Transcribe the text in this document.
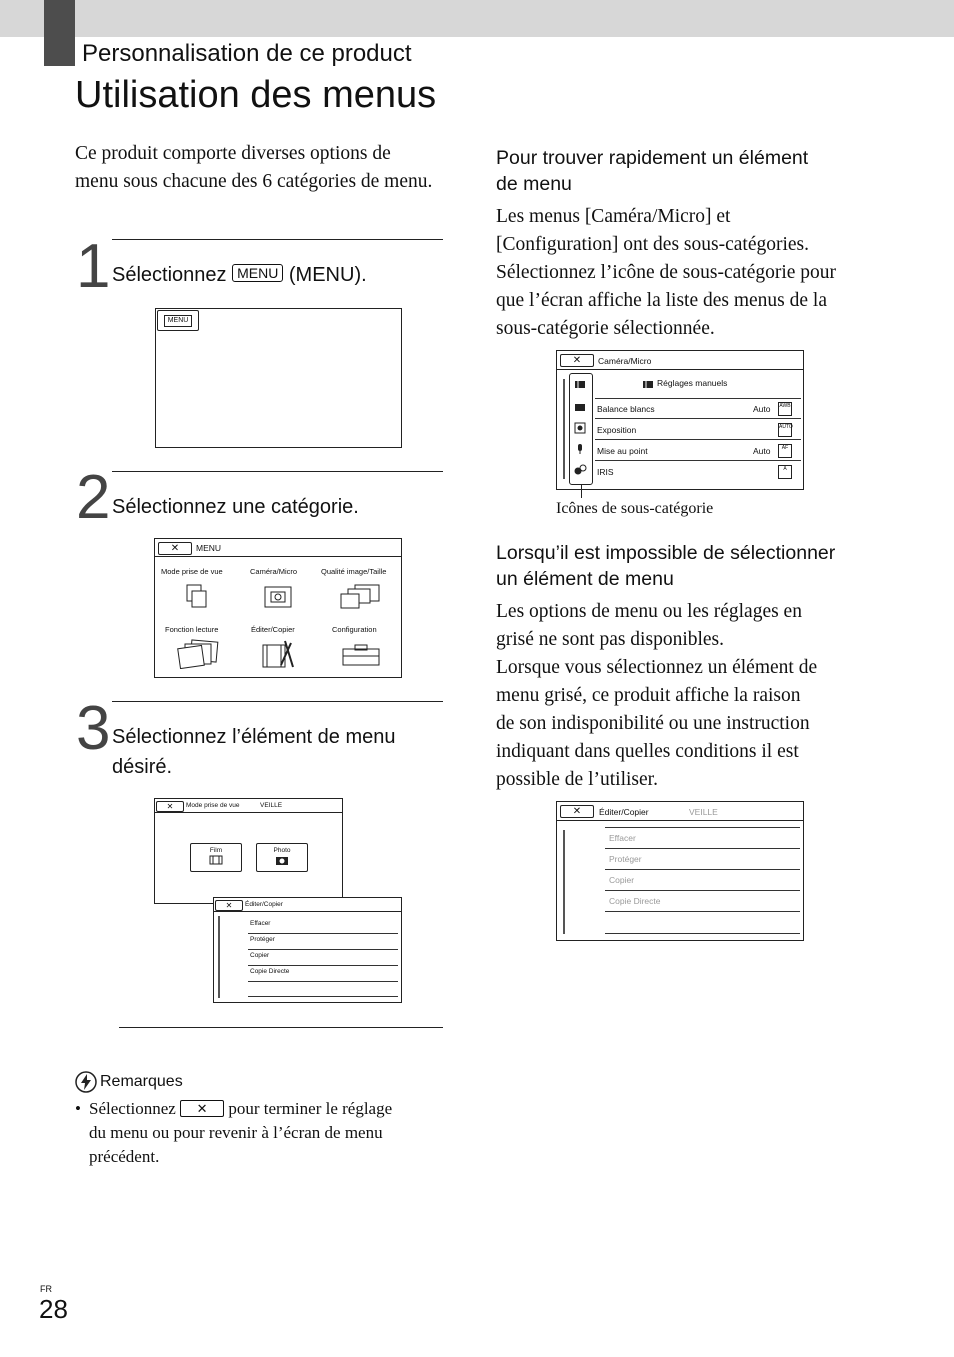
Personnalisation de ce product
Utilisation des menus
Ce produit comporte diverses options de menu sous chacune des 6 catégories de menu.
1 Sélectionnez MENU (MENU).
MENU
2 Sélectionnez une catégorie.
✕	MENU
Mode prise de vue	Caméra/Micro	Qualité image/Taille
Fonction lecture	Éditer/Copier	Configuration
3 Sélectionnez l’élément de menu
désiré.
✕	Mode prise de vue	VEILLE
Film	Photo
✕	Éditer/Copier
Effacer
Protéger
Copier
Copie Directe
Remarques
• Sélectionnez ✕ pour terminer le réglage
du menu ou pour revenir à l’écran de menu
précédent.
Pour trouver rapidement un élément
de menu
Les menus [Caméra/Micro] et
[Configuration] ont des sous-catégories.
Sélectionnez l’icône de sous-catégorie pour
que l’écran affiche la liste des menus de la
sous-catégorie sélectionnée.
✕	Caméra/Micro
Réglages manuels
Balance blancs	Auto AWB
Exposition	AUTO
Mise au point	Auto	AF
IRIS	A
Icônes de sous-catégorie
Lorsqu’il est impossible de sélectionner
un élément de menu
Les options de menu ou les réglages en
grisé ne sont pas disponibles.
Lorsque vous sélectionnez un élément de
menu grisé, ce produit affiche la raison
de son indisponibilité ou une instruction
indiquant dans quelles conditions il est
possible de l’utiliser.
✕	Éditer/Copier	VEILLE
Effacer
Protéger
Copier
Copie Directe
FR
28
